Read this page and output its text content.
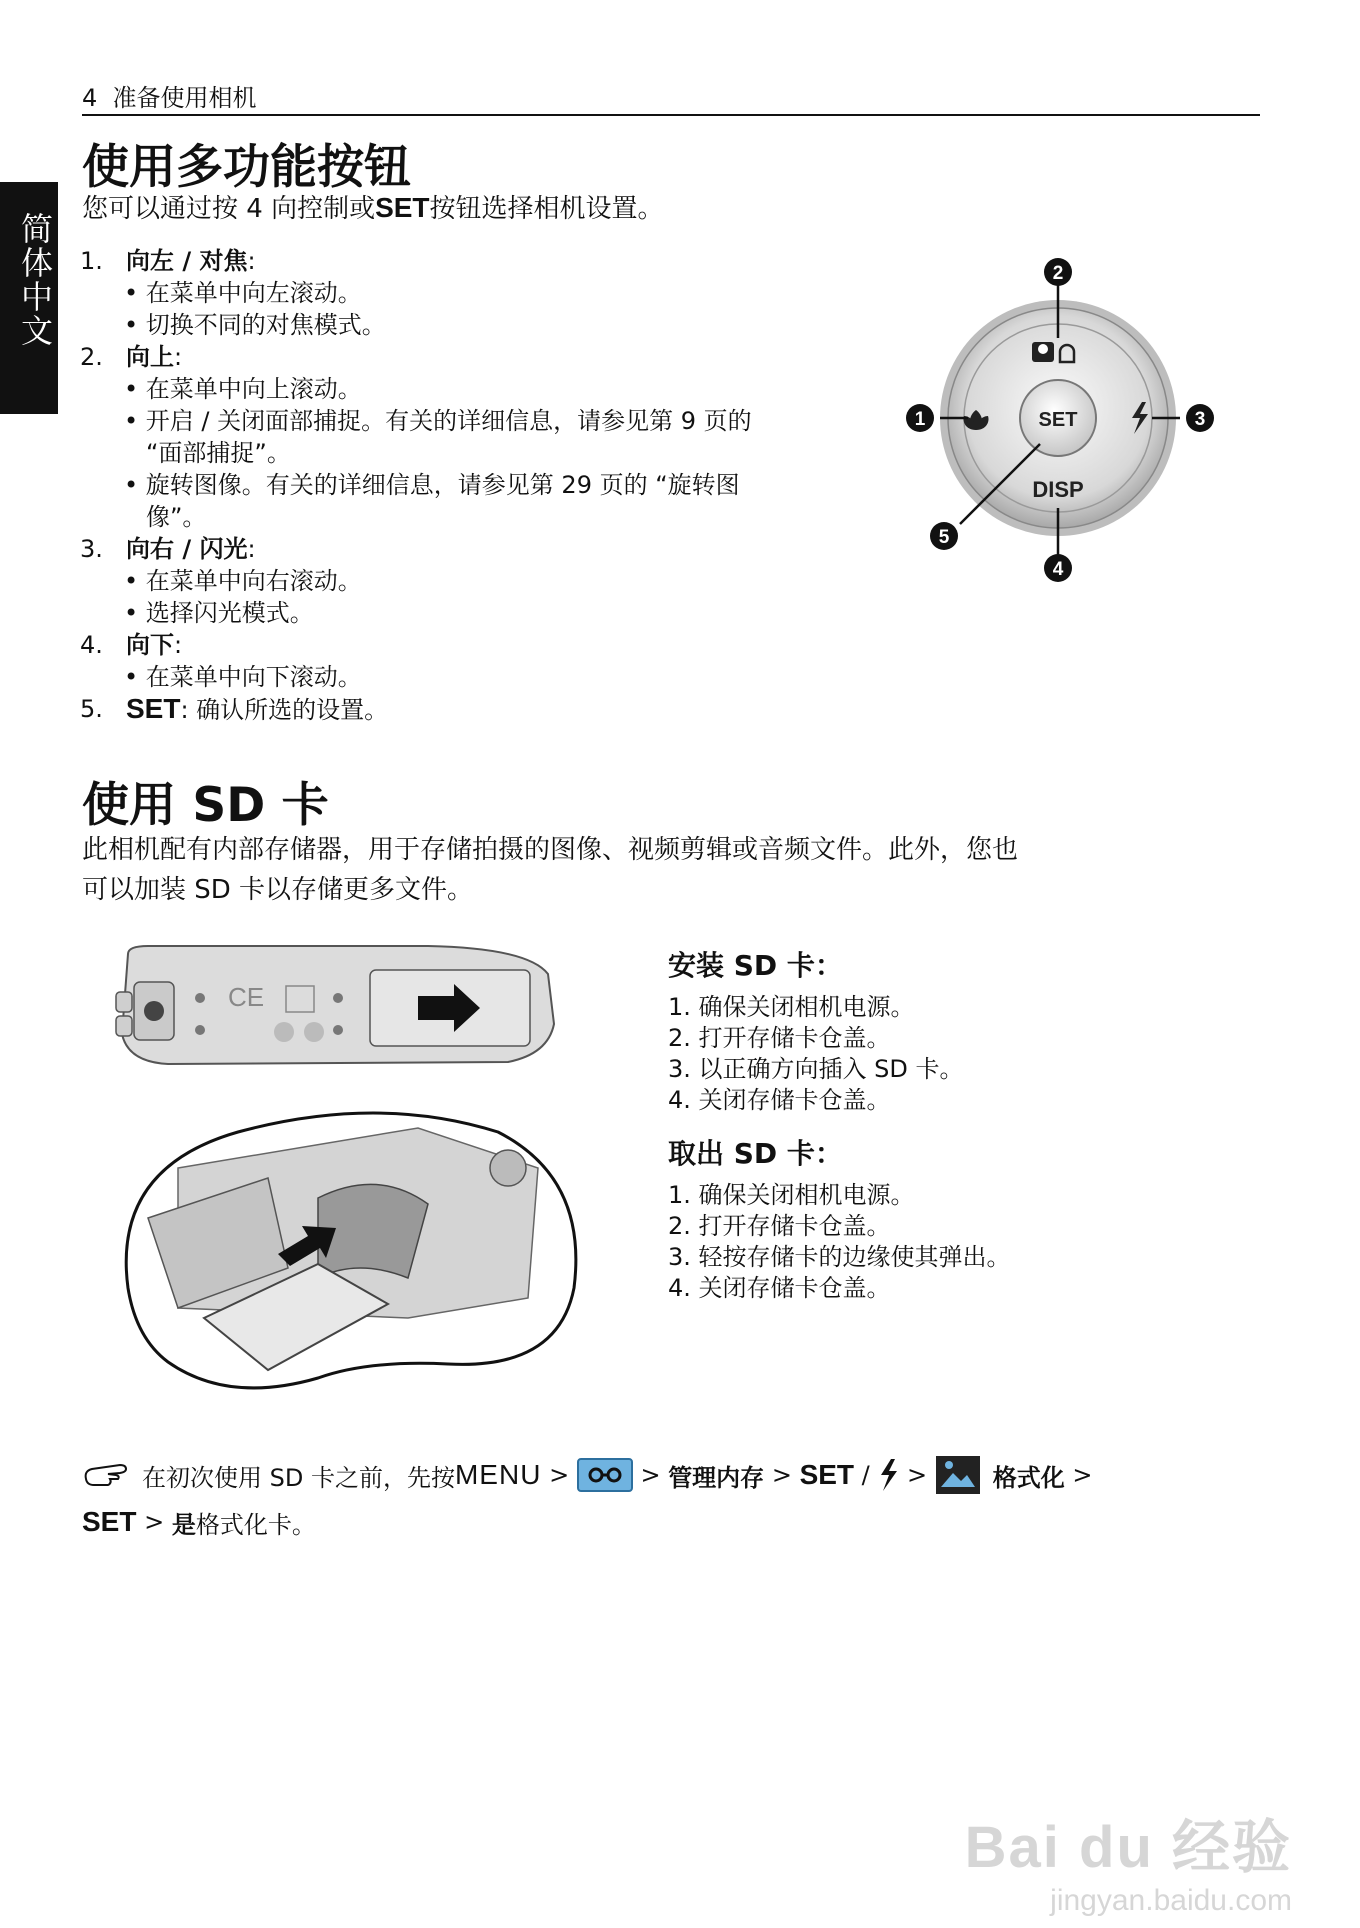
4 准备使用相机
简体中文
使用多功能按钮
您可以通过按 4 向控制或SET按钮选择相机设置。
1. 向左 / 对焦:
• 在菜单中向左滚动。
• 切换不同的对焦模式。
2. 向上:
• 在菜单中向上滚动。
• 开启 / 关闭面部捕捉。有关的详细信息，请参见第 9 页的
“面部捕捉”。
• 旋转图像。有关的详细信息，请参见第 29 页的 “旋转图
像”。
3. 向右 / 闪光:
• 在菜单中向右滚动。
• 选择闪光模式。
4. 向下:
• 在菜单中向下滚动。
5. SET: 确认所选的设置。
SET
DISP
1
2
3
4
5
使用 SD 卡
此相机配有内部存储器，用于存储拍摄的图像、视频剪辑或音频文件。此外，您也
可以加装 SD 卡以存储更多文件。
CE
安装 SD 卡：
1. 确保关闭相机电源。
2. 打开存储卡仓盖。
3. 以正确方向插入 SD 卡。
4. 关闭存储卡仓盖。
取出 SD 卡：
1. 确保关闭相机电源。
2. 打开存储卡仓盖。
3. 轻按存储卡的边缘使其弹出。
4. 关闭存储卡仓盖。
在初次使用 SD 卡之前，先按 MENU > > 管理内存 > SET / > 格式化 >
SET > 是 格式化卡。
Bai du 经验
jingyan.baidu.com
